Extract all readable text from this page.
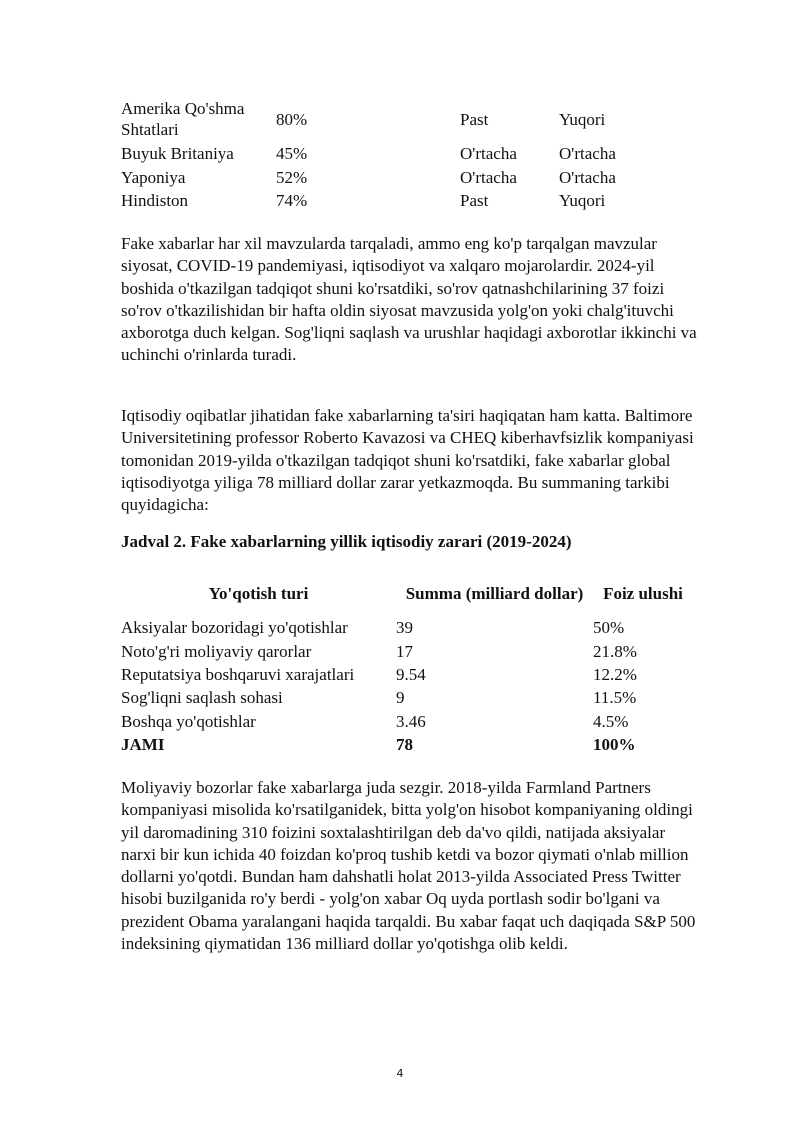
Amerika Qo'shma Shtatlari	80%	Past	Yuqori
Buyuk Britaniya	45%	O'rtacha	O'rtacha
Yaponiya	52%	O'rtacha	O'rtacha
Hindiston	74%	Past	Yuqori

Fake xabarlar har xil mavzularda tarqaladi, ammo eng ko'p tarqalgan mavzular siyosat, COVID-19 pandemiyasi, iqtisodiyot va xalqaro mojarolardir. 2024-yil boshida o'tkazilgan tadqiqot shuni ko'rsatdiki, so'rov qatnashchilarining 37 foizi so'rov o'tkazilishidan bir hafta oldin siyosat mavzusida yolg'on yoki chalg'ituvchi axborotga duch kelgan. Sog'liqni saqlash va urushlar haqidagi axborotlar ikkinchi va uchinchi o'rinlarda turadi.

Iqtisodiy oqibatlar jihatidan fake xabarlarning ta'siri haqiqatan ham katta. Baltimore Universitetining professor Roberto Kavazosi va CHEQ kiberhavfsizlik kompaniyasi tomonidan 2019-yilda o'tkazilgan tadqiqot shuni ko'rsatdiki, fake xabarlar global iqtisodiyotga yiliga 78 milliard dollar zarar yetkazmoqda. Bu summaning tarkibi quyidagicha:

Jadval 2. Fake xabarlarning yillik iqtisodiy zarari (2019-2024)

Yo'qotish turi	Summa (milliard dollar)	Foiz ulushi
Aksiyalar bozoridagi yo'qotishlar	39	50%
Noto'g'ri moliyaviy qarorlar	17	21.8%
Reputatsiya boshqaruvi xarajatlari	9.54	12.2%
Sog'liqni saqlash sohasi	9	11.5%
Boshqa yo'qotishlar	3.46	4.5%
JAMI	78	100%

Moliyaviy bozorlar fake xabarlarga juda sezgir. 2018-yilda Farmland Partners kompaniyasi misolida ko'rsatilganidek, bitta yolg'on hisobot kompaniyaning oldingi yil daromadining 310 foizini soxtalashtirilgan deb da'vo qildi, natijada aksiyalar narxi bir kun ichida 40 foizdan ko'proq tushib ketdi va bozor qiymati o'nlab million dollarni yo'qotdi. Bundan ham dahshatli holat 2013-yilda Associated Press Twitter hisobi buzilganida ro'y berdi - yolg'on xabar Oq uyda portlash sodir bo'lgani va prezident Obama yaralangani haqida tarqaldi. Bu xabar faqat uch daqiqada S&P 500 indeksining qiymatidan 136 milliard dollar yo'qotishga olib keldi.

4
